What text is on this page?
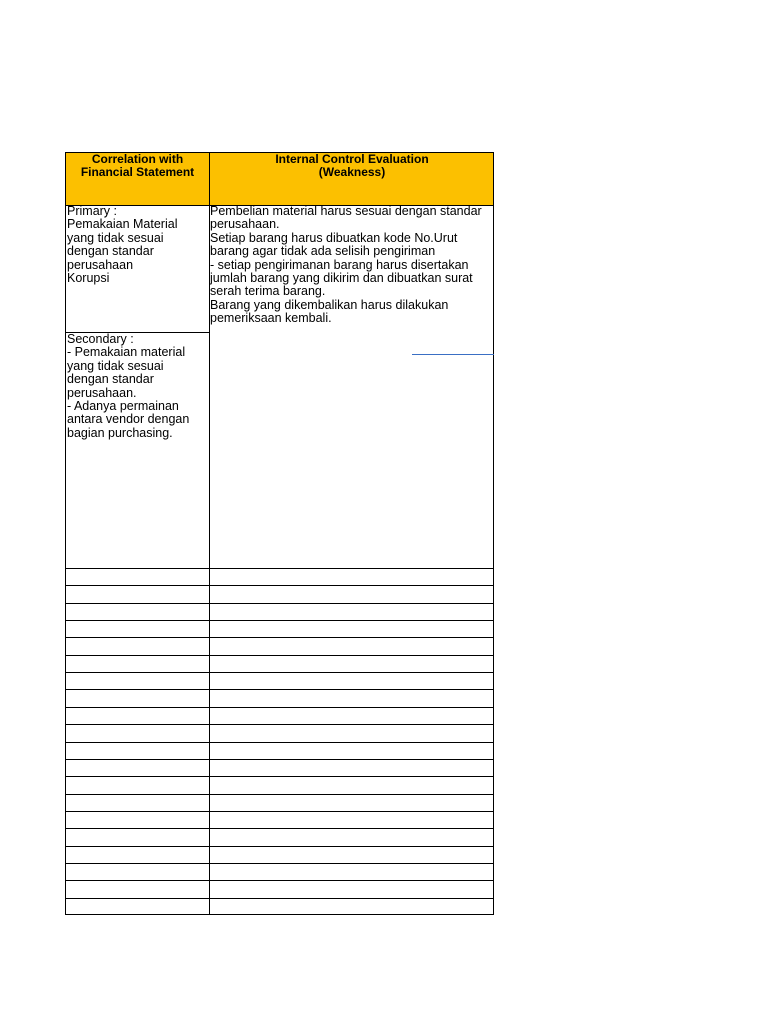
Correlation with
Financial Statement
Internal Control Evaluation
(Weakness)
Primary :
Pemakaian Material
yang tidak sesuai
dengan standar
perusahaan
Korupsi
Secondary :
- Pemakaian material
yang tidak sesuai
dengan standar
perusahaan.
- Adanya permainan
antara vendor dengan
bagian purchasing.
Pembelian material harus sesuai dengan standar
perusahaan.
Setiap barang harus dibuatkan kode No.Urut
barang agar tidak ada selisih pengiriman
- setiap pengirimanan barang harus disertakan
jumlah barang yang dikirim dan dibuatkan surat
serah terima barang.
Barang yang dikembalikan harus dilakukan
pemeriksaan kembali.
